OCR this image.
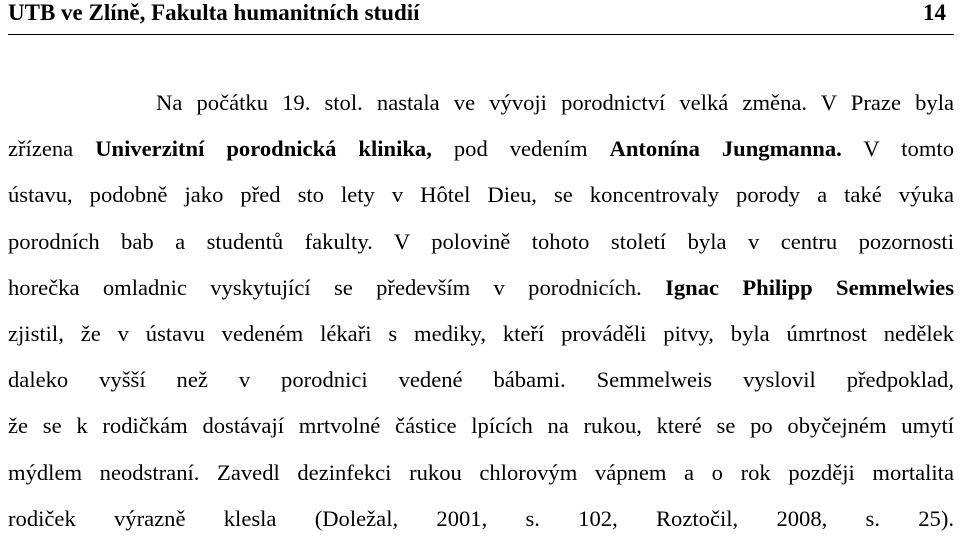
UTB ve Zlíně, Fakulta humanitních studií	14
Na počátku 19. stol. nastala ve vývoji porodnictví velká změna. V Praze byla
zřízena Univerzitní porodnická klinika, pod vedením Antonína Jungmanna. V tomto
ústavu, podobně jako před sto lety v Hôtel Dieu, se koncentrovaly porody a také výuka
porodních bab a studentů fakulty. V polovině tohoto století byla v centru pozornosti
horečka omladnic vyskytující se především v porodnicích. Ignac Philipp Semmelwies
zjistil, že v ústavu vedeném lékaři s mediky, kteří prováděli pitvy, byla úmrtnost nedělek
daleko vyšší než v porodnici vedené bábami. Semmelweis vyslovil předpoklad,
že se k rodičkám dostávají mrtvolné částice lpících na rukou, které se po obyčejném umytí
mýdlem neodstraní. Zavedl dezinfekci rukou chlorovým vápnem a o rok později mortalita
rodiček výrazně klesla (Doležal, 2001, s. 102, Roztočil, 2008, s. 25).
